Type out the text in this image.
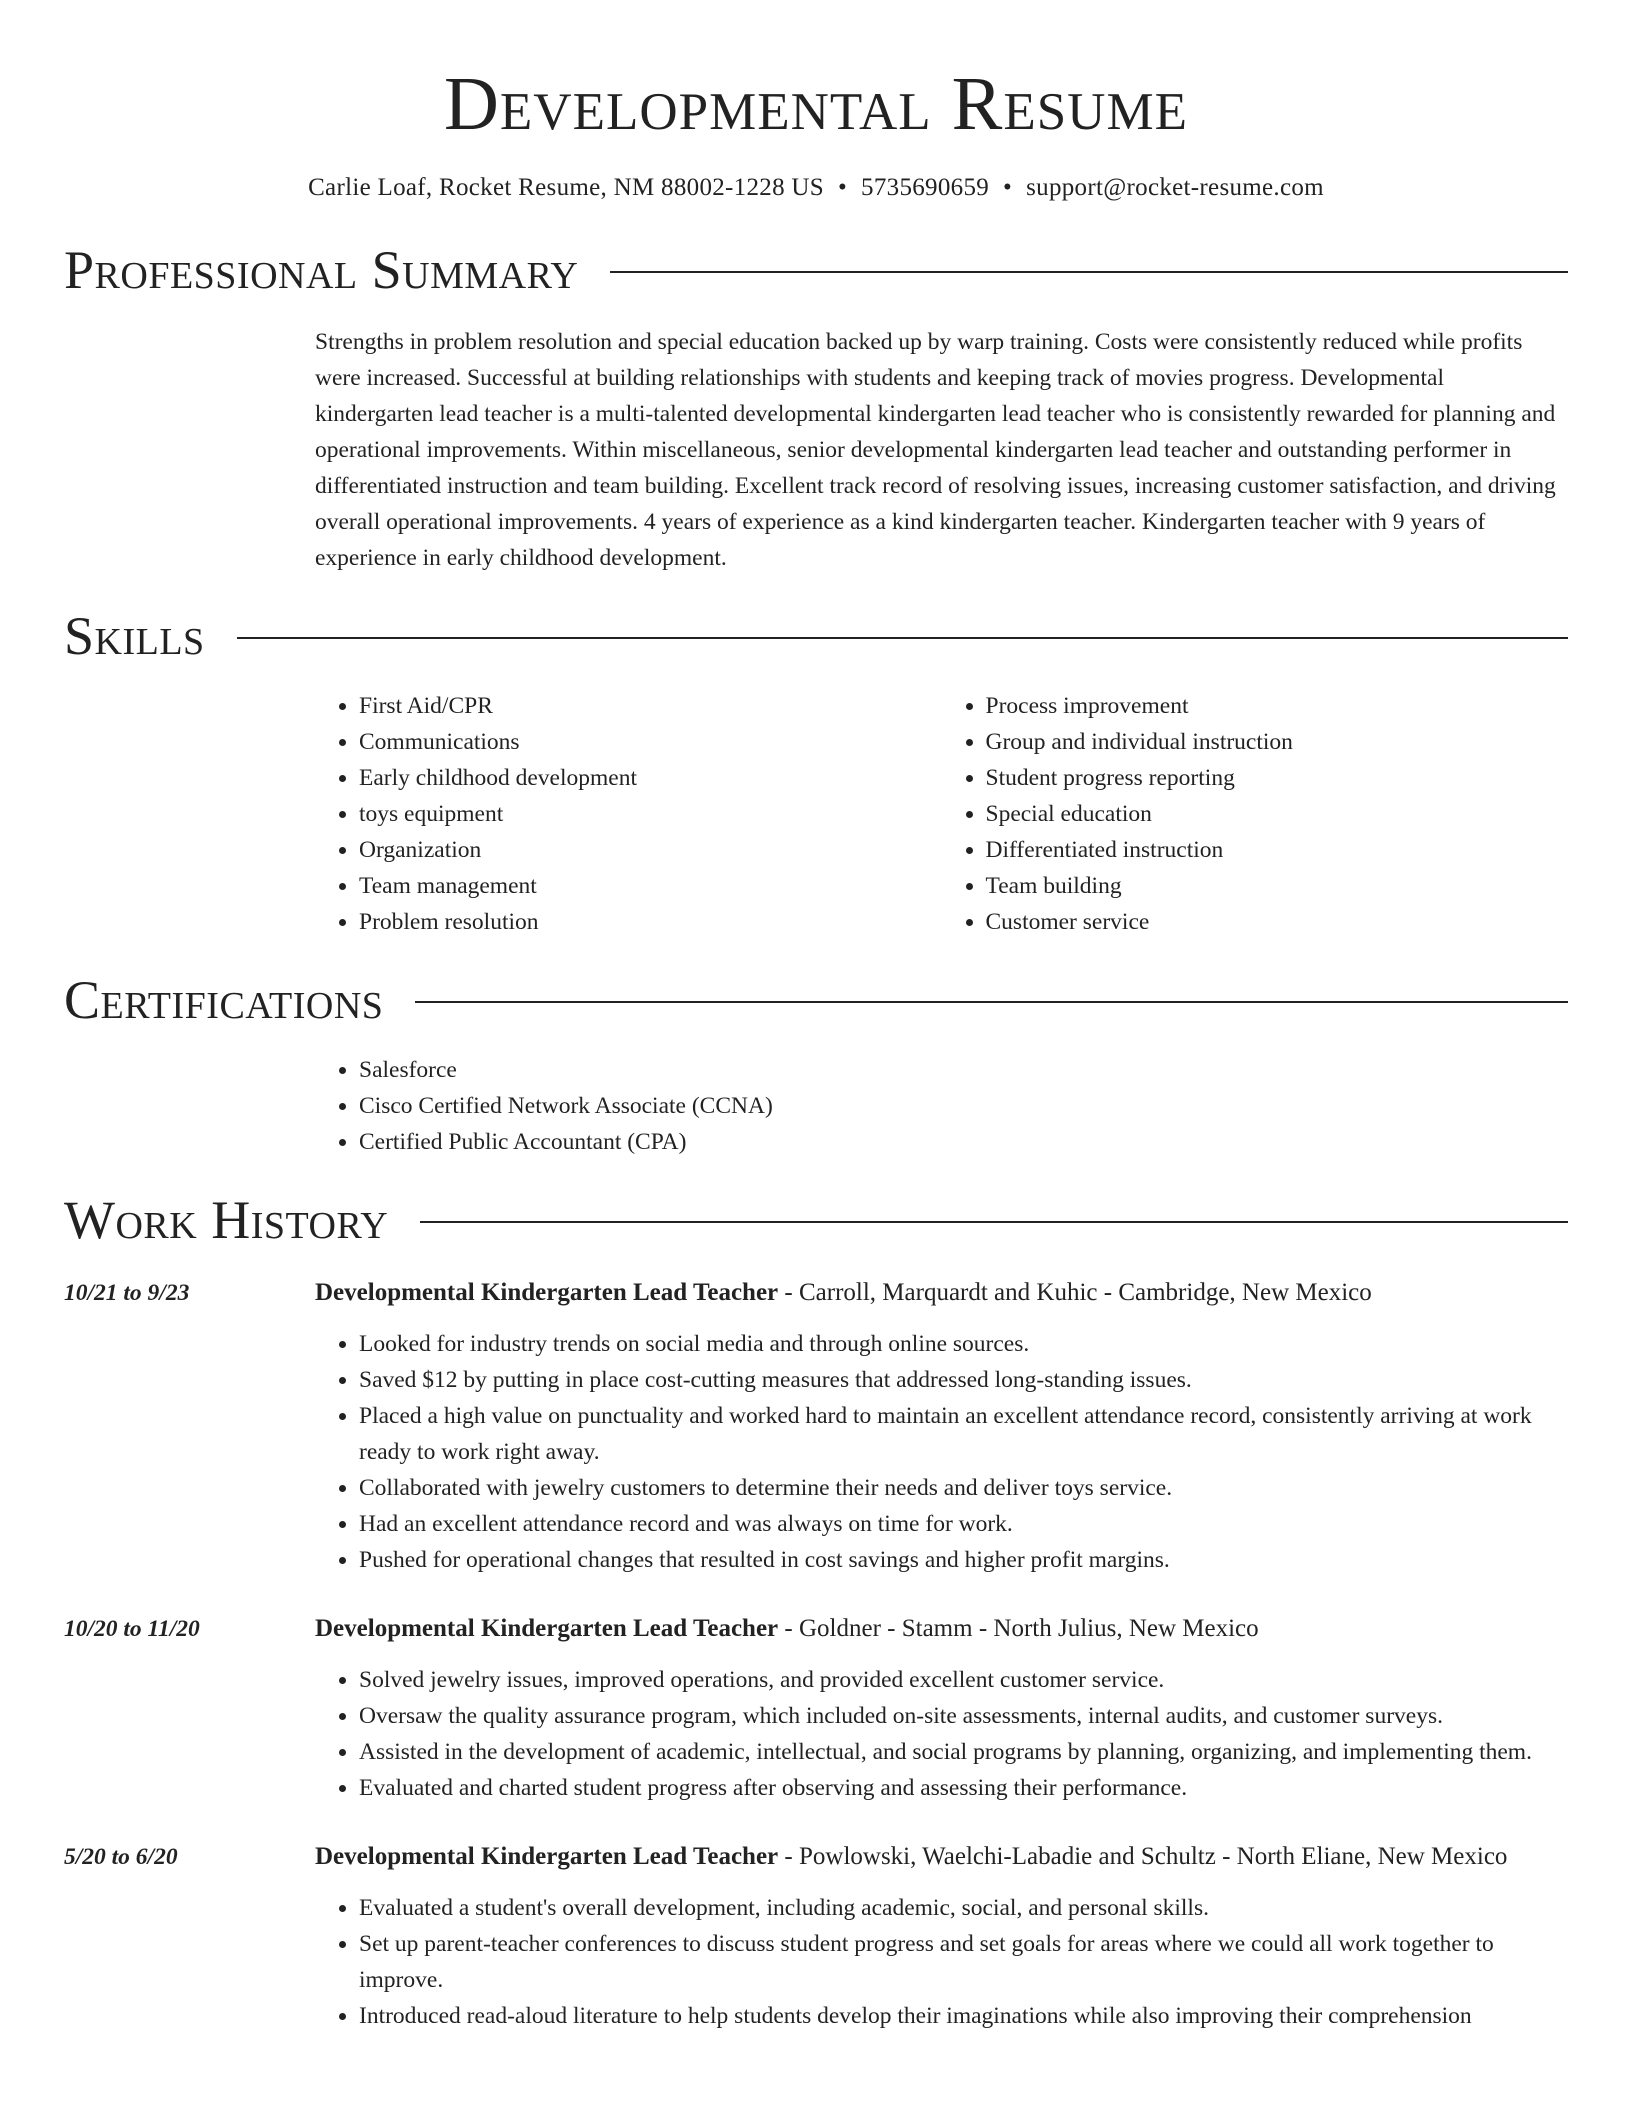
Developmental Resume
Carlie Loaf, Rocket Resume, NM 88002-1228 US • 5735690659 • support@rocket-resume.com
Professional Summary

Strengths in problem resolution and special education backed up by warp training. Costs were consistently reduced while profits were increased. Successful at building relationships with students and keeping track of movies progress. Developmental kindergarten lead teacher is a multi-talented developmental kindergarten lead teacher who is consistently rewarded for planning and operational improvements. Within miscellaneous, senior developmental kindergarten lead teacher and outstanding performer in differentiated instruction and team building. Excellent track record of resolving issues, increasing customer satisfaction, and driving overall operational improvements. 4 years of experience as a kind kindergarten teacher. Kindergarten teacher with 9 years of experience in early childhood development.

Skills
• First Aid/CPR
• Communications
• Early childhood development
• toys equipment
• Organization
• Team management
• Problem resolution
• Process improvement
• Group and individual instruction
• Student progress reporting
• Special education
• Differentiated instruction
• Team building
• Customer service
Certifications
• Salesforce
• Cisco Certified Network Associate (CCNA)
• Certified Public Accountant (CPA)
Work History
10/21 to 9/23	Developmental Kindergarten Lead Teacher - Carroll, Marquardt and Kuhic - Cambridge, New Mexico
• Looked for industry trends on social media and through online sources.
• Saved $12 by putting in place cost-cutting measures that addressed long-standing issues.
• Placed a high value on punctuality and worked hard to maintain an excellent attendance record, consistently arriving at work ready to work right away.
• Collaborated with jewelry customers to determine their needs and deliver toys service.
• Had an excellent attendance record and was always on time for work.
• Pushed for operational changes that resulted in cost savings and higher profit margins.
10/20 to 11/20	Developmental Kindergarten Lead Teacher - Goldner - Stamm - North Julius, New Mexico
• Solved jewelry issues, improved operations, and provided excellent customer service.
• Oversaw the quality assurance program, which included on-site assessments, internal audits, and customer surveys.
• Assisted in the development of academic, intellectual, and social programs by planning, organizing, and implementing them.
• Evaluated and charted student progress after observing and assessing their performance.
5/20 to 6/20	Developmental Kindergarten Lead Teacher - Powlowski, Waelchi-Labadie and Schultz - North Eliane, New Mexico
• Evaluated a student's overall development, including academic, social, and personal skills.
• Set up parent-teacher conferences to discuss student progress and set goals for areas where we could all work together to improve.
• Introduced read-aloud literature to help students develop their imaginations while also improving their comprehension
